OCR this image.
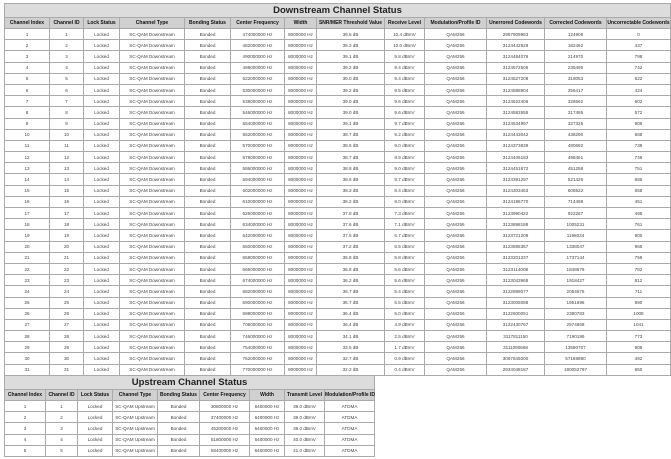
Downstream Channel Status												
Channel Index	Channel ID	Lock Status	Channel Type	Bonding Status	Center Frequency	Width	SNR/MER Threshold Value	Receive Level	Modulation/Profile ID	Unerrored Codewords	Corrected Codewords	Uncorrectable Codewords
1	1	Locked	SC-QAM Downstream	Bonded	474000000 Hz	8000000 Hz	39.5 dB	10.4 dBmV	QAM256	2967809963	124909	0
2	2	Locked	SC-QAM Downstream	Bonded	482000000 Hz	8000000 Hz	39.3 dB	10.0 dBmV	QAM256	3124442828	182462	437
3	3	Locked	SC-QAM Downstream	Bonded	490000000 Hz	8000000 Hz	39.1 dB	9.8 dBmV	QAM256	3124484076	214970	798
4	4	Locked	SC-QAM Downstream	Bonded	498000000 Hz	8000000 Hz	39.2 dB	9.4 dBmV	QAM256	3124572506	235495	742
5	5	Locked	SC-QAM Downstream	Bonded	522000000 Hz	8000000 Hz	39.0 dB	9.4 dBmV	QAM256	3124527208	318053	622
6	6	Locked	SC-QAM Downstream	Bonded	530000000 Hz	8000000 Hz	39.2 dB	9.5 dBmV	QAM256	3124588904	256417	424
7	7	Locked	SC-QAM Downstream	Bonded	538000000 Hz	8000000 Hz	39.0 dB	9.6 dBmV	QAM256	3124522406	326562	602
8	8	Locked	SC-QAM Downstream	Bonded	546000000 Hz	8000000 Hz	39.0 dB	9.6 dBmV	QAM256	3124582655	317485	572
9	9	Locked	SC-QAM Downstream	Bonded	554000000 Hz	8000000 Hz	39.1 dB	9.7 dBmV	QAM256	3124534997	327325	806
10	10	Locked	SC-QAM Downstream	Bonded	562000000 Hz	8000000 Hz	38.7 dB	9.2 dBmV	QAM256	3124443042	438290	688
11	11	Locked	SC-QAM Downstream	Bonded	570000000 Hz	8000000 Hz	38.6 dB	9.0 dBmV	QAM256	3124373839	480692	739
12	12	Locked	SC-QAM Downstream	Bonded	578000000 Hz	8000000 Hz	38.7 dB	8.9 dBmV	QAM256	3124406183	498461	749
13	13	Locked	SC-QAM Downstream	Bonded	586000000 Hz	8000000 Hz	38.8 dB	9.0 dBmV	QAM256	3124451672	451258	751
14	14	Locked	SC-QAM Downstream	Bonded	594000000 Hz	8000000 Hz	38.6 dB	8.7 dBmV	QAM256	3124391297	521426	685
15	15	Locked	SC-QAM Downstream	Bonded	602000000 Hz	8000000 Hz	38.3 dB	8.4 dBmV	QAM256	3124303453	606522	658
16	16	Locked	SC-QAM Downstream	Bonded	610000000 Hz	8000000 Hz	38.2 dB	8.0 dBmV	QAM256	3124196770	714498	451
17	17	Locked	SC-QAM Downstream	Bonded	626000000 Hz	8000000 Hz	37.8 dB	7.3 dBmV	QAM256	3123990422	922267	495
18	18	Locked	SC-QAM Downstream	Bonded	634000000 Hz	8000000 Hz	37.6 dB	7.1 dBmV	QAM256	3123898188	1005231	761
19	19	Locked	SC-QAM Downstream	Bonded	642000000 Hz	8000000 Hz	37.5 dB	6.7 dBmV	QAM256	3123721209	1198034	800
20	20	Locked	SC-QAM Downstream	Bonded	650000000 Hz	8000000 Hz	37.2 dB	6.5 dBmV	QAM256	3123586367	1338047	985
21	21	Locked	SC-QAM Downstream	Bonded	658000000 Hz	8000000 Hz	36.8 dB	5.8 dBmV	QAM256	3123201337	1737144	759
22	22	Locked	SC-QAM Downstream	Bonded	666000000 Hz	8000000 Hz	36.8 dB	5.6 dBmV	QAM256	3123114008	1848676	782
23	23	Locked	SC-QAM Downstream	Bonded	674000000 Hz	8000000 Hz	36.2 dB	5.6 dBmV	QAM256	3123043968	1918427	812
24	24	Locked	SC-QAM Downstream	Bonded	682000000 Hz	8000000 Hz	36.7 dB	5.4 dBmV	QAM256	3122899077	2054675	711
25	25	Locked	SC-QAM Downstream	Bonded	690000000 Hz	8000000 Hz	36.7 dB	5.5 dBmV	QAM256	3123005088	1951696	890
26	26	Locked	SC-QAM Downstream	Bonded	698000000 Hz	8000000 Hz	36.4 dB	5.0 dBmV	QAM256	3122600051	2390783	1008
27	27	Locked	SC-QAM Downstream	Bonded	706000000 Hz	8000000 Hz	36.4 dB	4.9 dBmV	QAM256	3122430767	2574668	1041
28	28	Locked	SC-QAM Downstream	Bonded	746000000 Hz	8000000 Hz	34.1 dB	2.5 dBmV	QAM256	3117811150	7190199	773
29	29	Locked	SC-QAM Downstream	Bonded	754000000 Hz	8000000 Hz	33.5 dB	1.7 dBmV	QAM256	3111090668	13590707	808
30	30	Locked	SC-QAM Downstream	Bonded	762000000 Hz	8000000 Hz	32.7 dB	0.9 dBmV	QAM256	3067845000	57168890	492
31	31	Locked	SC-QAM Downstream	Bonded	770000000 Hz	8000000 Hz	32.2 dB	0.4 dBmV	QAM256	2934048187	190052797	650
Upstream Channel Status								
Channel Index	Channel ID	Lock Status	Channel Type	Bonding Status	Center Frequency	Width	Transmit Level	Modulation/Profile ID
1	1	Locked	SC-QAM Upstream	Bonded	30800000 Hz	6400000 Hz	39.0 dBmV	ATDMA
2	2	Locked	SC-QAM Upstream	Bonded	37400000 Hz	6400000 Hz	39.0 dBmV	ATDMA
3	3	Locked	SC-QAM Upstream	Bonded	45200000 Hz	6400000 Hz	39.0 dBmV	ATDMA
4	4	Locked	SC-QAM Upstream	Bonded	51800000 Hz	6400000 Hz	40.0 dBmV	ATDMA
5	5	Locked	SC-QAM Upstream	Bonded	58400000 Hz	6400000 Hz	41.0 dBmV	ATDMA
